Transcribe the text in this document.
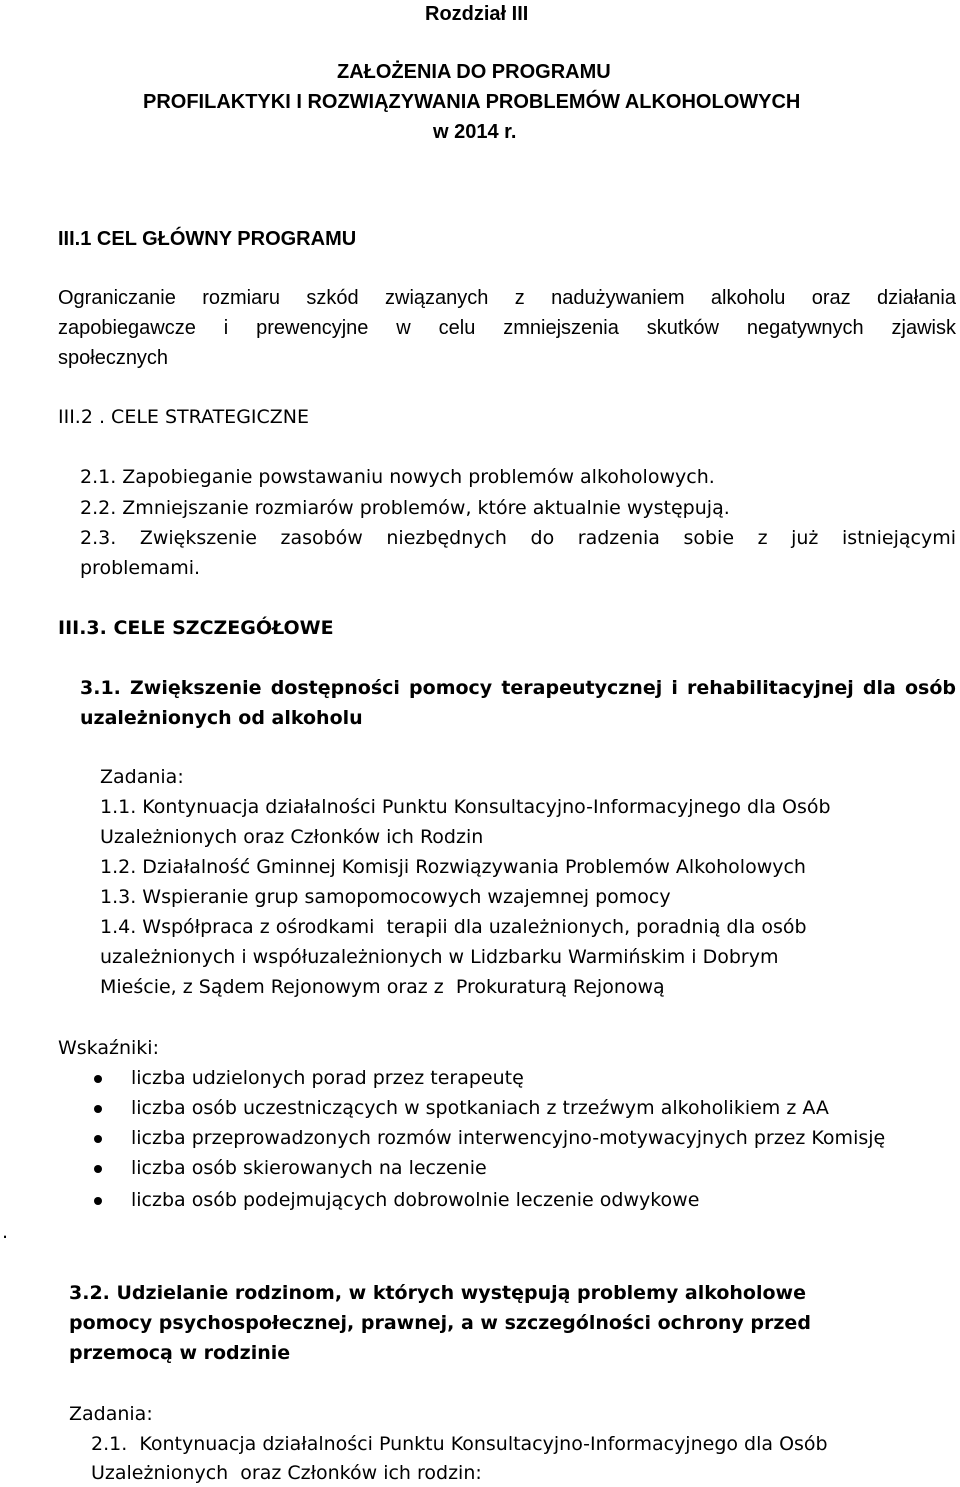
Rozdział III
ZAŁOŻENIA DO PROGRAMU
PROFILAKTYKI I ROZWIĄZYWANIA PROBLEMÓW ALKOHOLOWYCH
w 2014 r.
III.1 CEL GŁÓWNY PROGRAMU
Ograniczanie rozmiaru szkód związanych z nadużywaniem alkoholu oraz działania
zapobiegawcze i prewencyjne w celu zmniejszenia skutków negatywnych zjawisk
społecznych
III.2 . CELE STRATEGICZNE
2.1. Zapobieganie powstawaniu nowych problemów alkoholowych.
2.2. Zmniejszanie rozmiarów problemów, które aktualnie występują.
2.3. Zwiększenie zasobów niezbędnych do radzenia sobie z już istniejącymi
problemami.
III.3. CELE SZCZEGÓŁOWE
3.1. Zwiększenie dostępności pomocy terapeutycznej i rehabilitacyjnej dla osób
uzależnionych od alkoholu
Zadania:
1.1. Kontynuacja działalności Punktu Konsultacyjno-Informacyjnego dla Osób
Uzależnionych oraz Członków ich Rodzin
1.2. Działalność Gminnej Komisji Rozwiązywania Problemów Alkoholowych
1.3. Wspieranie grup samopomocowych wzajemnej pomocy
1.4. Współpraca z ośrodkami  terapii dla uzależnionych, poradnią dla osób
uzależnionych i współuzależnionych w Lidzbarku Warmińskim i Dobrym
Mieście, z Sądem Rejonowym oraz z  Prokuraturą Rejonową
Wskaźniki:
liczba udzielonych porad przez terapeutę
liczba osób uczestniczących w spotkaniach z trzeźwym alkoholikiem z AA
liczba przeprowadzonych rozmów interwencyjno-motywacyjnych przez Komisję
liczba osób skierowanych na leczenie
liczba osób podejmujących dobrowolnie leczenie odwykowe
.
3.2. Udzielanie rodzinom, w których występują problemy alkoholowe
pomocy psychospołecznej, prawnej, a w szczególności ochrony przed
przemocą w rodzinie
Zadania:
2.1.  Kontynuacja działalności Punktu Konsultacyjno-Informacyjnego dla Osób
Uzależnionych  oraz Członków ich rodzin:
